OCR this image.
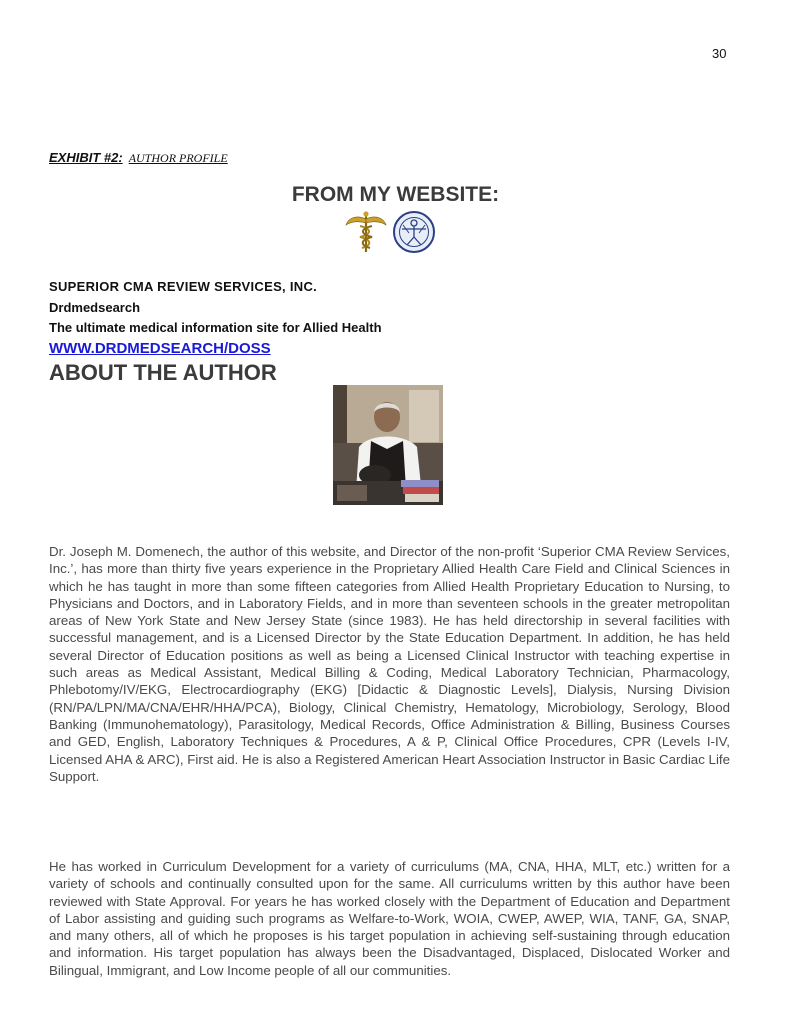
30
EXHIBIT #2: AUTHOR PROFILE
FROM MY WEBSITE:
SUPERIOR CMA REVIEW SERVICES, INC.
Drdmedsearch
The ultimate medical information site for Allied Health
WWW.DRDMEDSEARCH/DOSS
ABOUT THE AUTHOR

Dr. Joseph M. Domenech, the author of this website, and Director of the non-profit ‘Superior CMA Review Services, Inc.’, has more than thirty five years experience in the Proprietary Allied Health Care Field and Clinical Sciences in which he has taught in more than some fifteen categories from Allied Health Proprietary Education to Nursing, to Physicians and Doctors, and in Laboratory Fields, and in more than seventeen schools in the greater metropolitan areas of New York State and New Jersey State (since 1983). He has held directorship in several facilities with successful management, and is a Licensed Director by the State Education Department. In addition, he has held several Director of Education positions as well as being a Licensed Clinical Instructor with teaching expertise in such areas as Medical Assistant, Medical Billing & Coding, Medical Laboratory Technician, Pharmacology, Phlebotomy/IV/EKG, Electrocardiography (EKG) [Didactic & Diagnostic Levels], Dialysis, Nursing Division (RN/PA/LPN/MA/CNA/EHR/HHA/PCA), Biology, Clinical Chemistry, Hematology, Microbiology, Serology, Blood Banking (Immunohematology), Parasitology, Medical Records, Office Administration & Billing, Business Courses and GED, English, Laboratory Techniques & Procedures, A & P, Clinical Office Procedures, CPR (Levels I-IV, Licensed AHA & ARC), First aid. He is also a Registered American Heart Association Instructor in Basic Cardiac Life Support.

He has worked in Curriculum Development for a variety of curriculums (MA, CNA, HHA, MLT, etc.) written for a variety of schools and continually consulted upon for the same. All curriculums written by this author have been reviewed with State Approval. For years he has worked closely with the Department of Education and Department of Labor assisting and guiding such programs as Welfare-to-Work, WOIA, CWEP, AWEP, WIA, TANF, GA, SNAP, and many others, all of which he proposes is his target population in achieving self-sustaining through education and information. His target population has always been the Disadvantaged, Displaced, Dislocated Worker and Bilingual, Immigrant, and Low Income people of all our communities.
